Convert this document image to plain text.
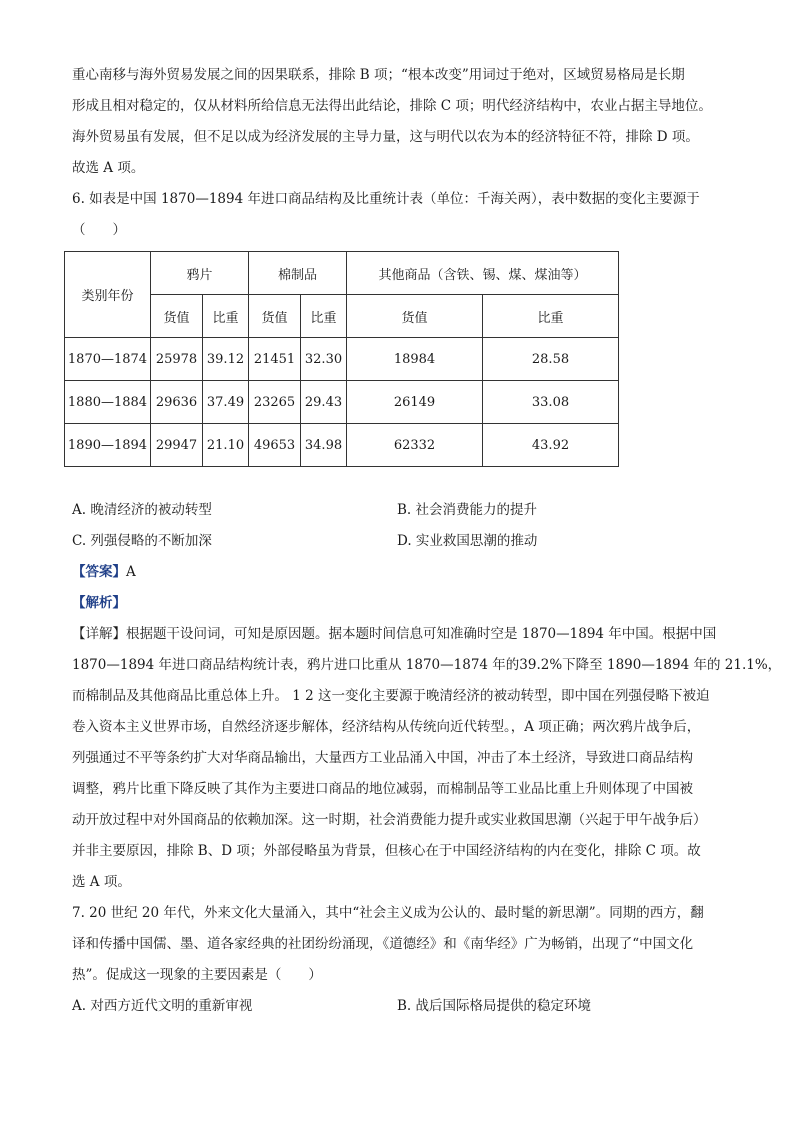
重心南移与海外贸易发展之间的因果联系，排除 B 项；“根本改变”用词过于绝对，区域贸易格局是长期
形成且相对稳定的，仅从材料所给信息无法得出此结论，排除 C 项；明代经济结构中，农业占据主导地位。
海外贸易虽有发展，但不足以成为经济发展的主导力量，这与明代以农为本的经济特征不符，排除 D 项。
故选 A 项。
6. 如表是中国 1870—1894 年进口商品结构及比重统计表（单位：千海关两），表中数据的变化主要源于
（　　）
类别年份	鸦片		棉制品		其他商品（含铁、锡、煤、煤油等）	
	货值	比重	货值	比重	货值	比重
1870—1874	25978	39.12	21451	32.30	18984	28.58
1880—1884	29636	37.49	23265	29.43	26149	33.08
1890—1894	29947	21.10	49653	34.98	62332	43.92
A. 晚清经济的被动转型	B. 社会消费能力的提升
C. 列强侵略的不断加深	D. 实业救国思潮的推动
【答案】A
【解析】
【详解】根据题干设问词，可知是原因题。据本题时间信息可知准确时空是 1870—1894 年中国。根据中国
1870—1894 年进口商品结构统计表，鸦片进口比重从 1870—1874 年的39.2%下降至 1890—1894 年的 21.1%，
而棉制品及其他商品比重总体上升。 1 2 这一变化主要源于晚清经济的被动转型，即中国在列强侵略下被迫
卷入资本主义世界市场，自然经济逐步解体，经济结构从传统向近代转型。，A 项正确；两次鸦片战争后，
列强通过不平等条约扩大对华商品输出，大量西方工业品涌入中国，冲击了本土经济，导致进口商品结构
调整，鸦片比重下降反映了其作为主要进口商品的地位减弱，而棉制品等工业品比重上升则体现了中国被
动开放过程中对外国商品的依赖加深。这一时期，社会消费能力提升或实业救国思潮（兴起于甲午战争后）
并非主要原因，排除 B、D 项；外部侵略虽为背景，但核心在于中国经济结构的内在变化，排除 C 项。故
选 A 项。
7. 20 世纪 20 年代，外来文化大量涌入，其中“社会主义成为公认的、最时髦的新思潮”。同期的西方，翻
译和传播中国儒、墨、道各家经典的社团纷纷涌现，《道德经》和《南华经》广为畅销，出现了“中国文化
热”。促成这一现象的主要因素是（　　）
A. 对西方近代文明的重新审视	B. 战后国际格局提供的稳定环境
